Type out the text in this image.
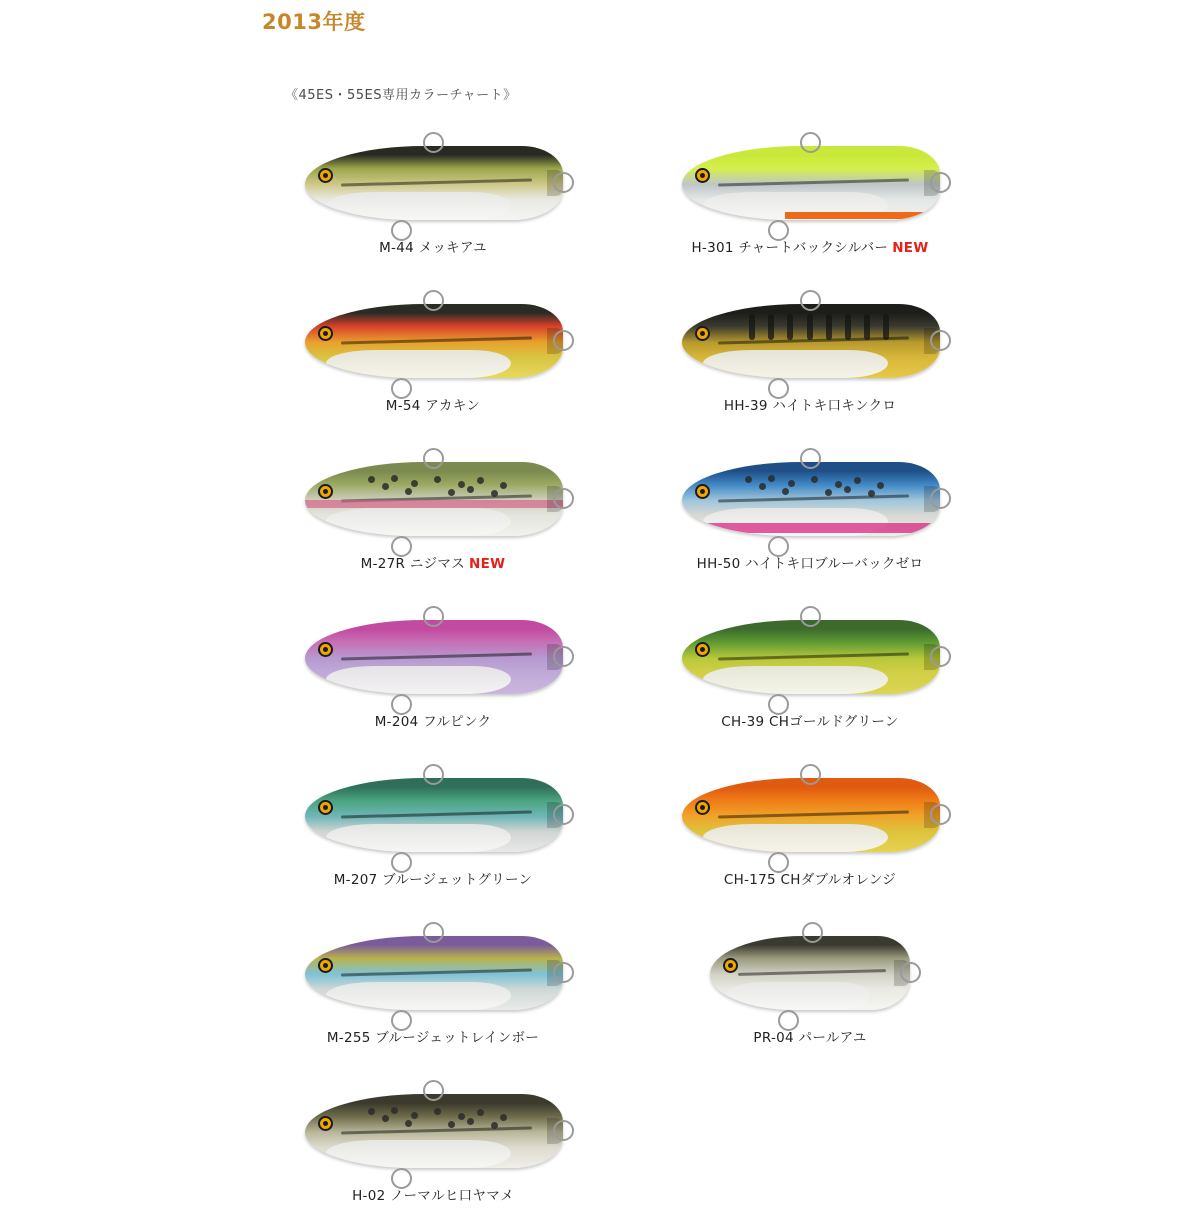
2013年度
《45ES・55ES専用カラーチャート》
M-44 メッキアユ
M-54 アカキン
M-27R ニジマス NEW
M-204 フルピンク
M-207 ブルージェットグリーン
M-255 ブルージェットレインボー
H-02 ノーマルヒ口ヤマメ
H-301 チャートバックシルバー NEW
HH-39 ハイトキ口キンクロ
HH-50 ハイトキ口ブルーバックゼロ
CH-39 CHゴールドグリーン
CH-175 CHダブルオレンジ
PR-04 パールアユ
